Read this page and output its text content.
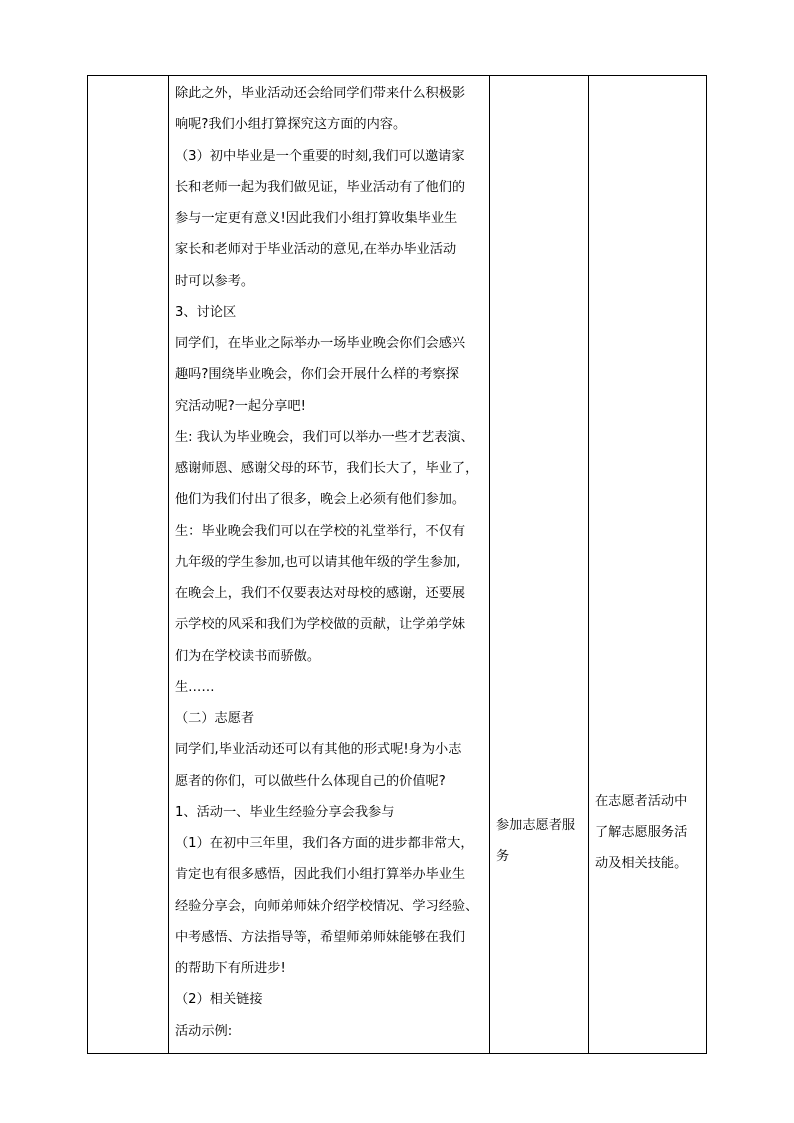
除此之外，毕业活动还会给同学们带来什么积极影
响呢?我们小组打算探究这方面的内容。
（3）初中毕业是一个重要的时刻,我们可以邀请家
长和老师一起为我们做见证，毕业活动有了他们的
参与一定更有意义!因此我们小组打算收集毕业生
家长和老师对于毕业活动的意见,在举办毕业活动
时可以参考。
3、讨论区
同学们，在毕业之际举办一场毕业晚会你们会感兴
趣吗?围绕毕业晚会，你们会开展什么样的考察探
究活动呢?一起分享吧!
生: 我认为毕业晚会，我们可以举办一些才艺表演、
感谢师恩、感谢父母的环节，我们长大了，毕业了，
他们为我们付出了很多，晚会上必须有他们参加。
生：毕业晚会我们可以在学校的礼堂举行，不仅有
九年级的学生参加,也可以请其他年级的学生参加,
在晚会上，我们不仅要表达对母校的感谢，还要展
示学校的风采和我们为学校做的贡献，让学弟学妹
们为在学校读书而骄傲。
生……
（二）志愿者
同学们,毕业活动还可以有其他的形式呢!身为小志
愿者的你们，可以做些什么体现自己的价值呢?
1、活动一、毕业生经验分享会我参与
（1）在初中三年里，我们各方面的进步都非常大，
肯定也有很多感悟，因此我们小组打算举办毕业生
经验分享会，向师弟师妹介绍学校情况、学习经验、
中考感悟、方法指导等，希望师弟师妹能够在我们
的帮助下有所进步!
（2）相关链接
活动示例:
参加志愿者服
务
在志愿者活动中
了解志愿服务活
动及相关技能。
